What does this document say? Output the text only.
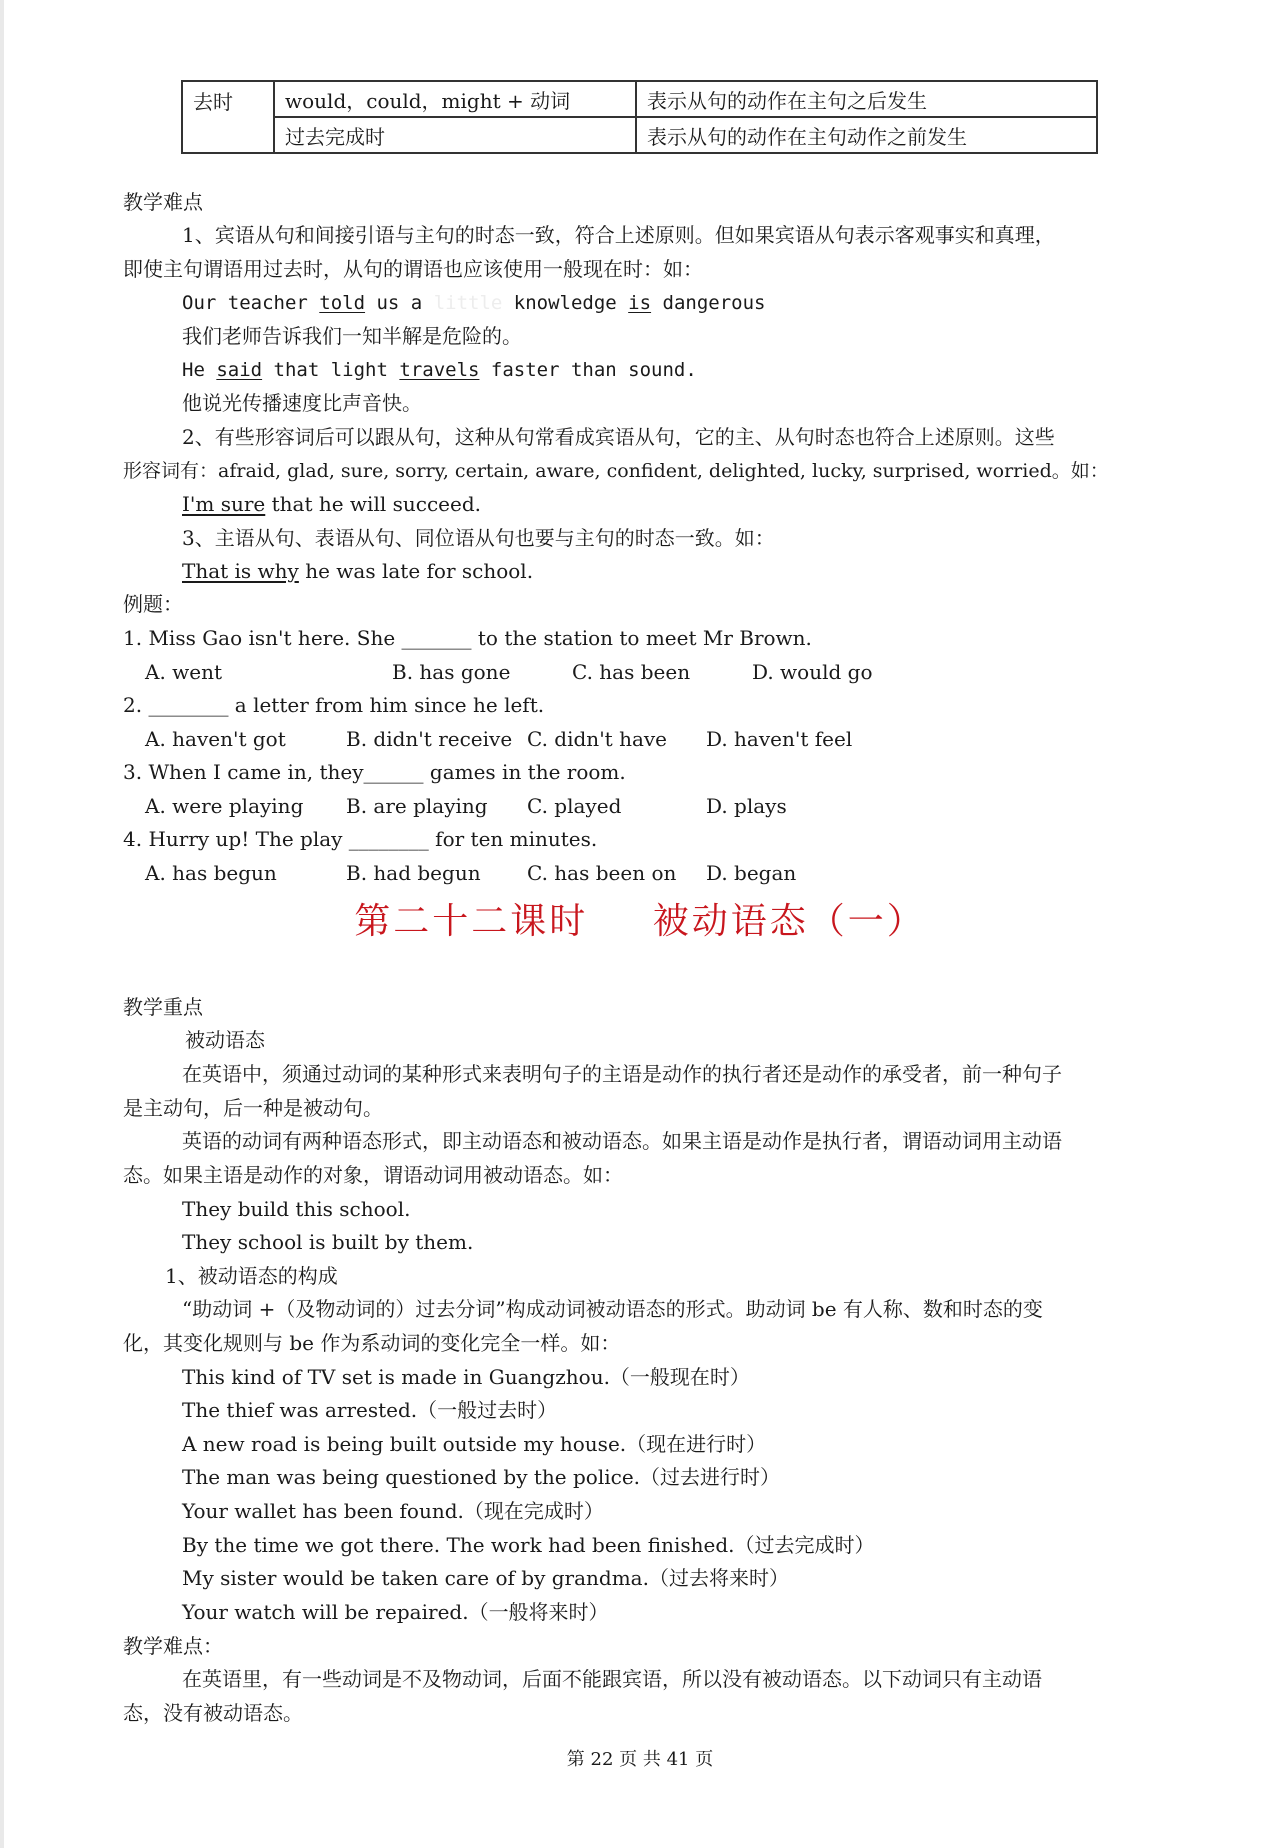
去时	would，could，might + 动词	表示从句的动作在主句之后发生
	过去完成时	表示从句的动作在主句动作之前发生
教学难点
1、宾语从句和间接引语与主句的时态一致，符合上述原则。但如果宾语从句表示客观事实和真理，
即使主句谓语用过去时，从句的谓语也应该使用一般现在时：如：
Our teacher told us a little knowledge is dangerous
我们老师告诉我们一知半解是危险的。
He said that light travels faster than sound.
他说光传播速度比声音快。
2、有些形容词后可以跟从句，这种从句常看成宾语从句，它的主、从句时态也符合上述原则。这些
形容词有：afraid, glad, sure, sorry, certain, aware, confident, delighted, lucky, surprised, worried。如：
I'm sure that he will succeed.
3、主语从句、表语从句、同位语从句也要与主句的时态一致。如：
That is why he was late for school.
例题：
1. Miss Gao isn't here. She _______ to the station to meet Mr Brown.
A. went	B. has gone	C. has been	D. would go
2. ________ a letter from him since he left.
A. haven't got	B. didn't receive C. didn't have D. haven't feel
3. When I came in, they______ games in the room.
A. were playing B. are playing C. played	D. plays
4. Hurry up! The play ________ for ten minutes.
A. has begun	B. had begun C. has been on D. began
第二十二课时 被动语态（一）
教学重点
被动语态
在英语中，须通过动词的某种形式来表明句子的主语是动作的执行者还是动作的承受者，前一种句子
是主动句，后一种是被动句。
英语的动词有两种语态形式，即主动语态和被动语态。如果主语是动作是执行者，谓语动词用主动语
态。如果主语是动作的对象，谓语动词用被动语态。如：
They build this school.
They school is built by them.
1、被动语态的构成
“助动词 +（及物动词的）过去分词”构成动词被动语态的形式。助动词 be 有人称、数和时态的变
化，其变化规则与 be 作为系动词的变化完全一样。如：
This kind of TV set is made in Guangzhou.（一般现在时）
The thief was arrested.（一般过去时）
A new road is being built outside my house.（现在进行时）
The man was being questioned by the police.（过去进行时）
Your wallet has been found.（现在完成时）
By the time we got there. The work had been finished.（过去完成时）
My sister would be taken care of by grandma.（过去将来时）
Your watch will be repaired.（一般将来时）
教学难点：
在英语里，有一些动词是不及物动词，后面不能跟宾语，所以没有被动语态。以下动词只有主动语
态，没有被动语态。
第 22 页 共 41 页
